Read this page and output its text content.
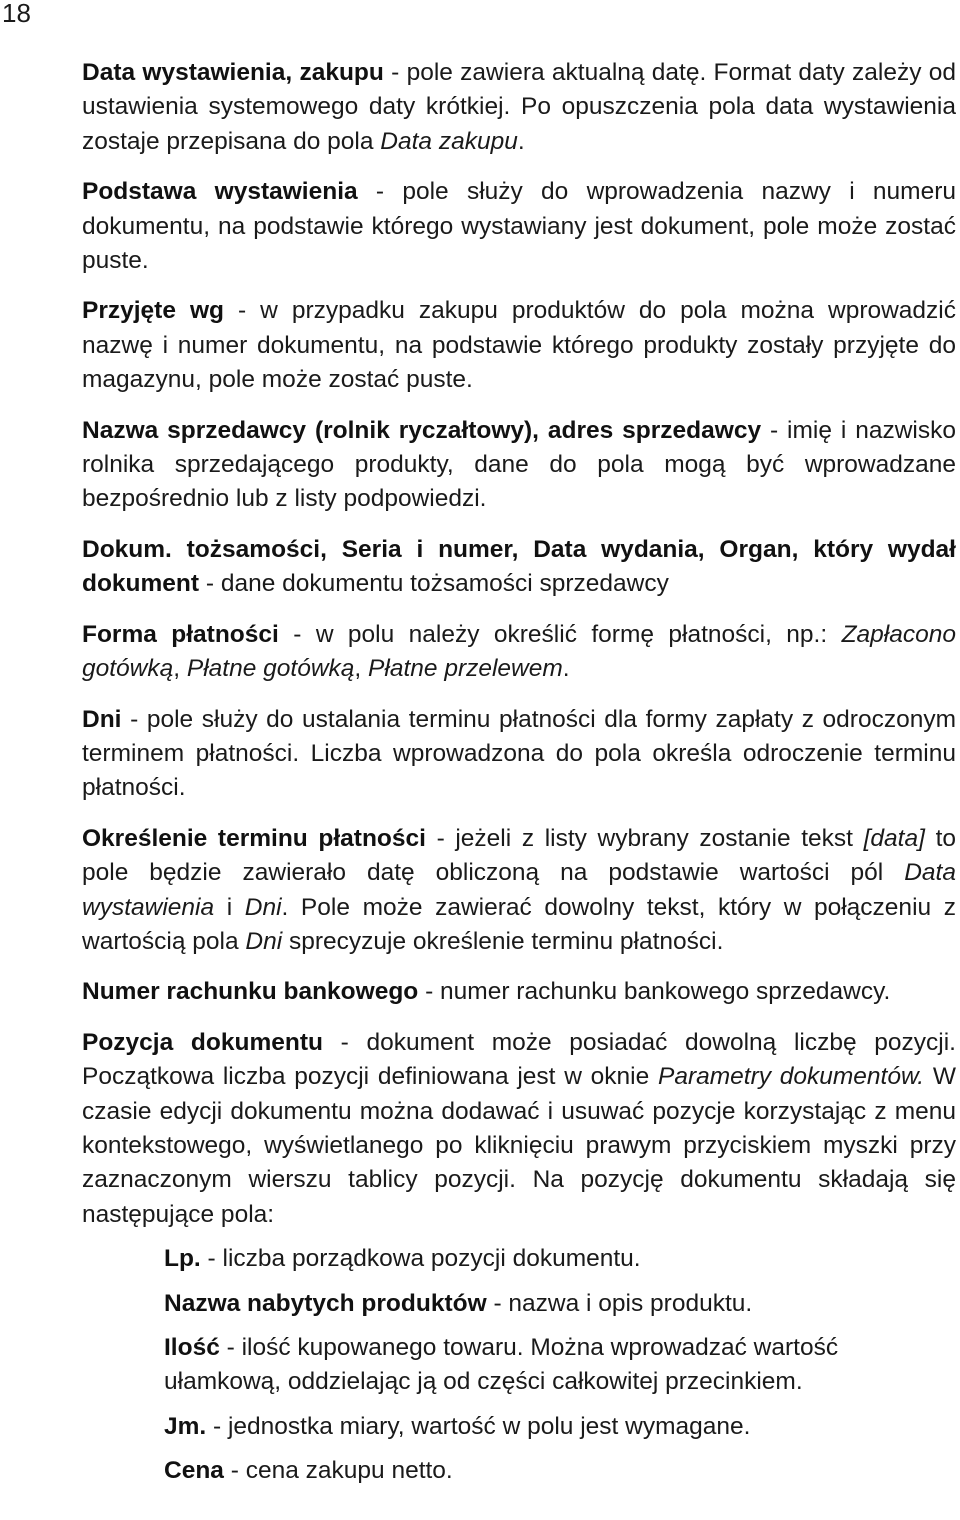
18

Data wystawienia, zakupu - pole zawiera aktualną datę. Format daty zależy od ustawienia systemowego daty krótkiej. Po opuszczenia pola data wystawienia zostaje przepisana do pola Data zakupu.

Podstawa wystawienia - pole służy do wprowadzenia nazwy i numeru dokumentu, na podstawie którego wystawiany jest dokument, pole może zostać puste.

Przyjęte wg - w przypadku zakupu produktów do pola można wprowadzić nazwę i numer dokumentu, na podstawie którego produkty zostały przyjęte do magazynu, pole może zostać puste.

Nazwa sprzedawcy (rolnik ryczałtowy), adres sprzedawcy - imię i nazwisko rolnika sprzedającego produkty, dane do pola mogą być wprowadzane bezpośrednio lub z listy podpowiedzi.

Dokum. tożsamości, Seria i numer, Data wydania, Organ, który wydał dokument - dane dokumentu tożsamości sprzedawcy

Forma płatności - w polu należy określić formę płatności, np.: Zapłacono gotówką, Płatne gotówką, Płatne przelewem.

Dni - pole służy do ustalania terminu płatności dla formy zapłaty z odroczonym terminem płatności. Liczba wprowadzona do pola określa odroczenie terminu płatności.

Określenie terminu płatności - jeżeli z listy wybrany zostanie tekst [data] to pole będzie zawierało datę obliczoną na podstawie wartości pól Data wystawienia i Dni. Pole może zawierać dowolny tekst, który w połączeniu z wartością pola Dni sprecyzuje określenie terminu płatności.

Numer rachunku bankowego - numer rachunku bankowego sprzedawcy.

Pozycja dokumentu - dokument może posiadać dowolną liczbę pozycji. Początkowa liczba pozycji definiowana jest w oknie Parametry dokumentów. W czasie edycji dokumentu można dodawać i usuwać pozycje korzystając z menu kontekstowego, wyświetlanego po kliknięciu prawym przyciskiem myszki przy zaznaczonym wierszu tablicy pozycji. Na pozycję dokumentu składają się następujące pola:

Lp. - liczba porządkowa pozycji dokumentu.
Nazwa nabytych produktów - nazwa i opis produktu.
Ilość - ilość kupowanego towaru. Można wprowadzać wartość ułamkową, oddzielając ją od części całkowitej przecinkiem.
Jm. - jednostka miary, wartość w polu jest wymagane.
Cena - cena zakupu netto.
